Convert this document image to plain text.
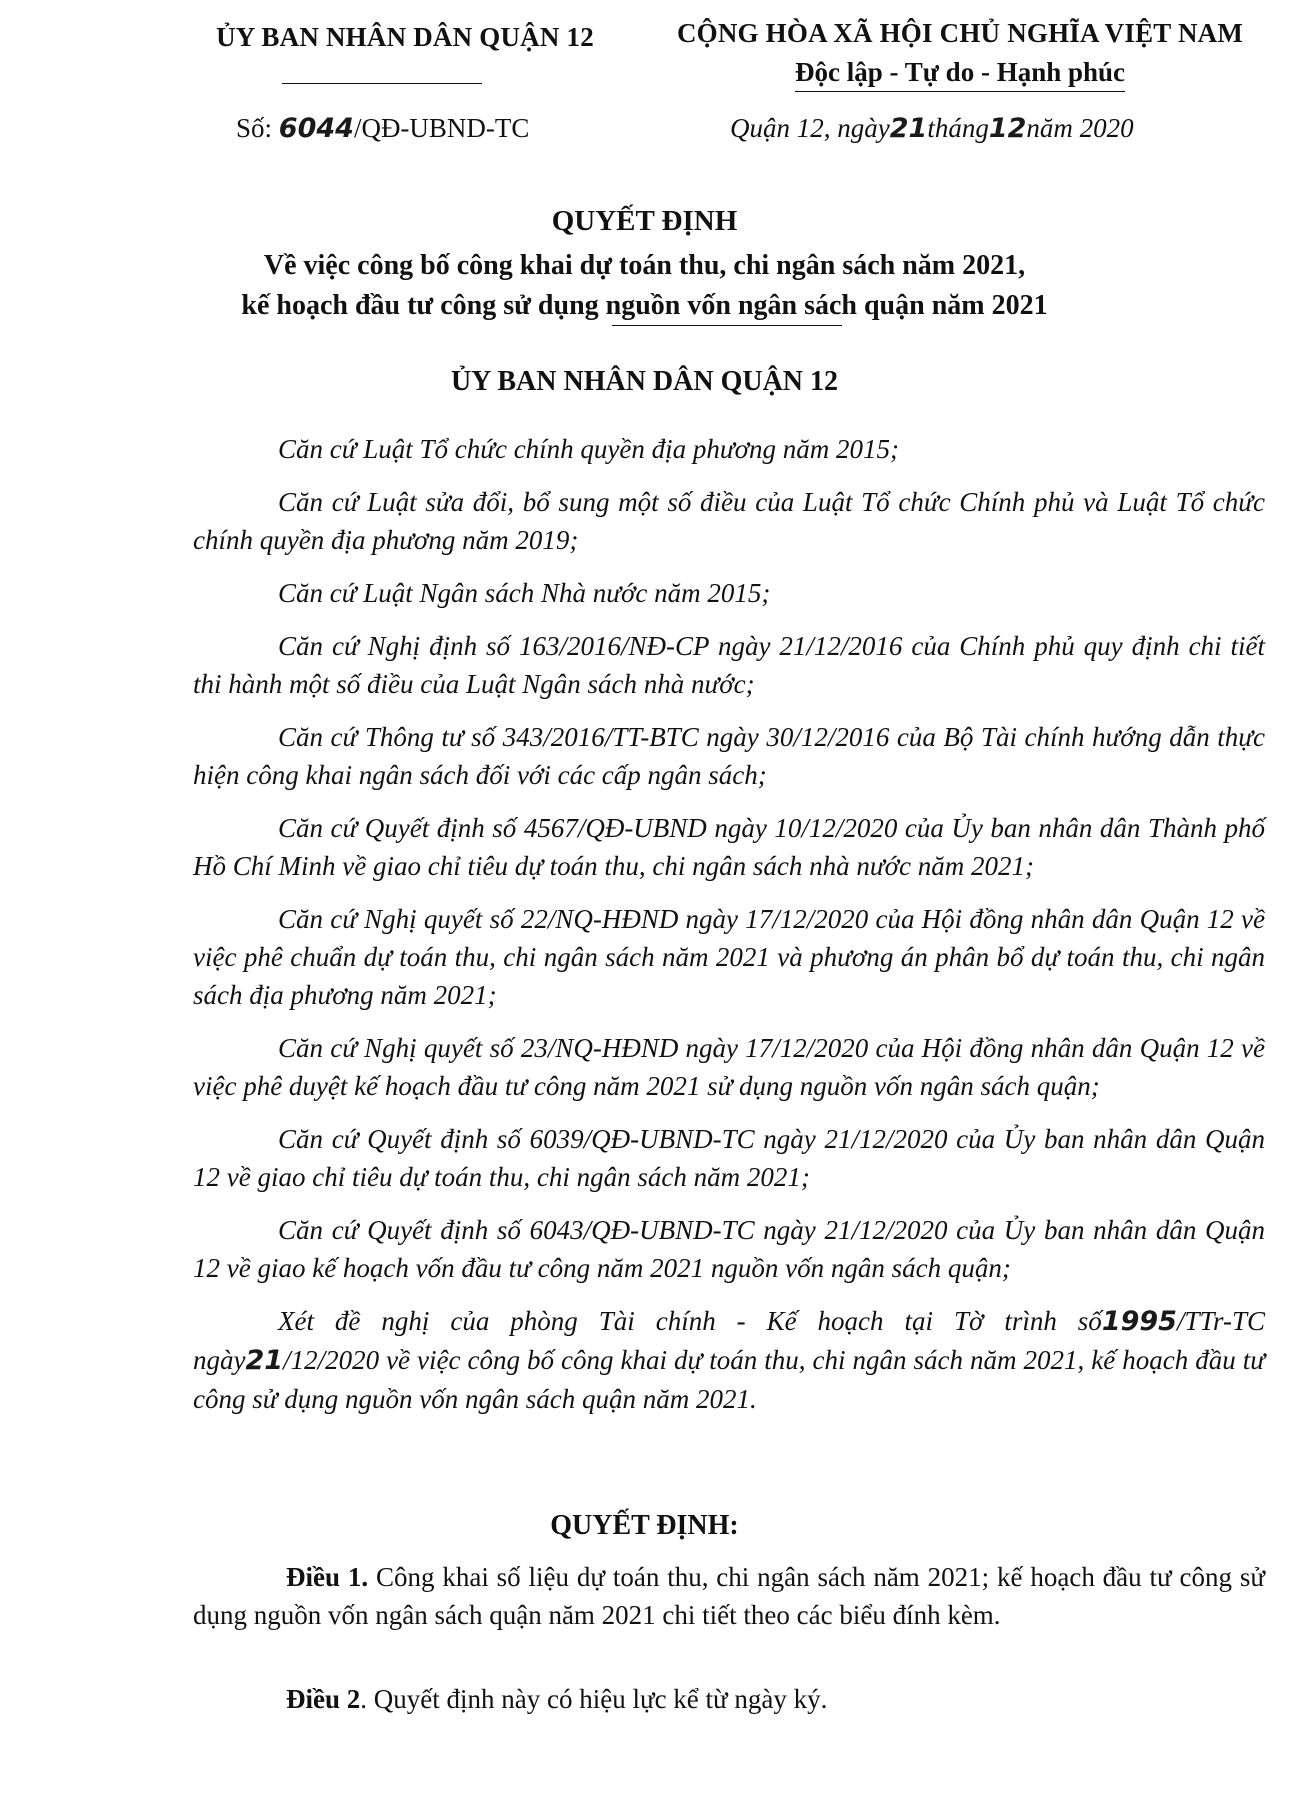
ỦY BAN NHÂN DÂN QUẬN 12	CỘNG HÒA XÃ HỘI CHỦ NGHĨA VIỆT NAM
Độc lập - Tự do - Hạnh phúc
Số: 6044/QĐ-UBND-TC	Quận 12, ngày21tháng12năm 2020
QUYẾT ĐỊNH
Về việc công bố công khai dự toán thu, chi ngân sách năm 2021,
kế hoạch đầu tư công sử dụng nguồn vốn ngân sách quận năm 2021
ỦY BAN NHÂN DÂN QUẬN 12

Căn cứ Luật Tổ chức chính quyền địa phương năm 2015;

Căn cứ Luật sửa đổi, bổ sung một số điều của Luật Tổ chức Chính phủ và Luật Tổ chức chính quyền địa phương năm 2019;

Căn cứ Luật Ngân sách Nhà nước năm 2015;

Căn cứ Nghị định số 163/2016/NĐ-CP ngày 21/12/2016 của Chính phủ quy định chi tiết thi hành một số điều của Luật Ngân sách nhà nước;

Căn cứ Thông tư số 343/2016/TT-BTC ngày 30/12/2016 của Bộ Tài chính hướng dẫn thực hiện công khai ngân sách đối với các cấp ngân sách;

Căn cứ Quyết định số 4567/QĐ-UBND ngày 10/12/2020 của Ủy ban nhân dân Thành phố Hồ Chí Minh về giao chỉ tiêu dự toán thu, chi ngân sách nhà nước năm 2021;

Căn cứ Nghị quyết số 22/NQ-HĐND ngày 17/12/2020 của Hội đồng nhân dân Quận 12 về việc phê chuẩn dự toán thu, chi ngân sách năm 2021 và phương án phân bổ dự toán thu, chi ngân sách địa phương năm 2021;

Căn cứ Nghị quyết số 23/NQ-HĐND ngày 17/12/2020 của Hội đồng nhân dân Quận 12 về việc phê duyệt kế hoạch đầu tư công năm 2021 sử dụng nguồn vốn ngân sách quận;

Căn cứ Quyết định số 6039/QĐ-UBND-TC ngày 21/12/2020 của Ủy ban nhân dân Quận 12 về giao chỉ tiêu dự toán thu, chi ngân sách năm 2021;

Căn cứ Quyết định số 6043/QĐ-UBND-TC ngày 21/12/2020 của Ủy ban nhân dân Quận 12 về giao kế hoạch vốn đầu tư công năm 2021 nguồn vốn ngân sách quận;

Xét đề nghị của phòng Tài chính - Kế hoạch tại Tờ trình số1995/TTr-TC ngày21/12/2020 về việc công bố công khai dự toán thu, chi ngân sách năm 2021, kế hoạch đầu tư công sử dụng nguồn vốn ngân sách quận năm 2021.

QUYẾT ĐỊNH:

Điều 1. Công khai số liệu dự toán thu, chi ngân sách năm 2021; kế hoạch đầu tư công sử dụng nguồn vốn ngân sách quận năm 2021 chi tiết theo các biểu đính kèm.

Điều 2. Quyết định này có hiệu lực kể từ ngày ký.
